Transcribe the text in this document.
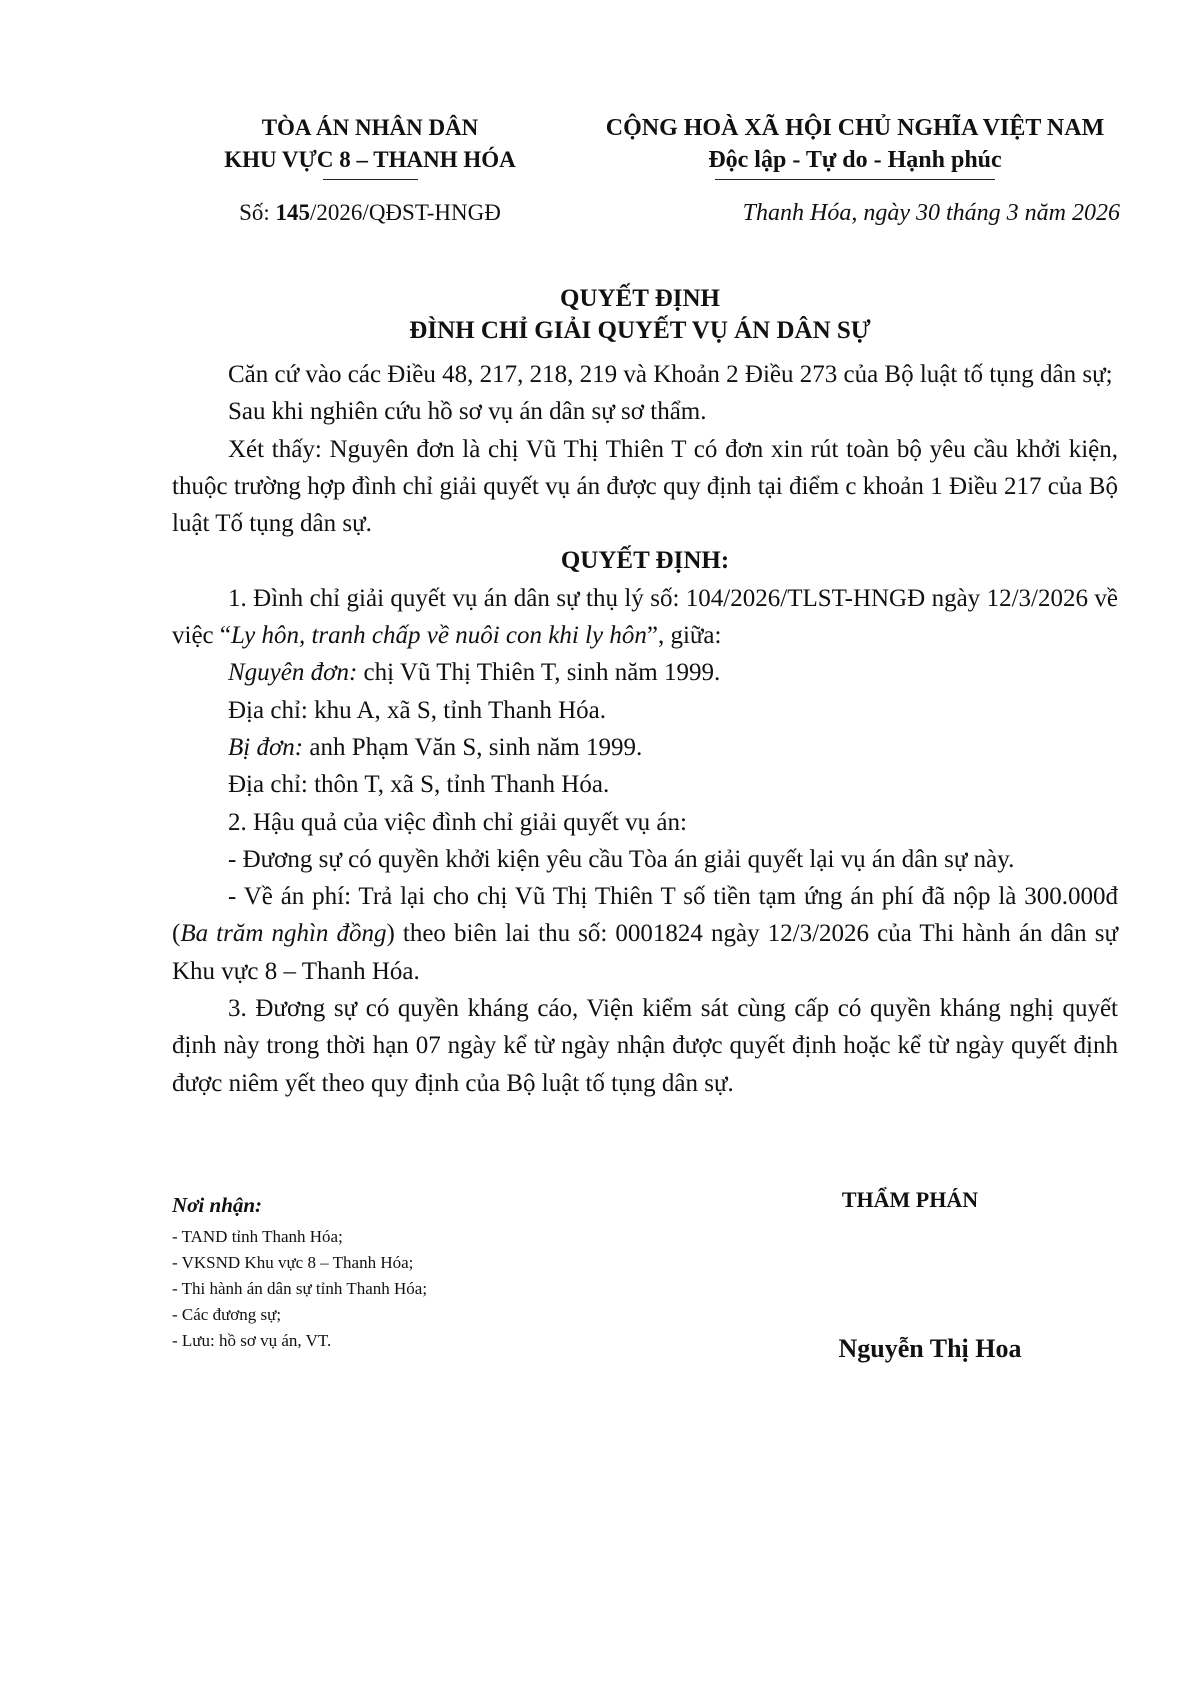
TÒA ÁN NHÂN DÂN
KHU VỰC 8 – THANH HÓA
CỘNG HOÀ XÃ HỘI CHỦ NGHĨA VIỆT NAM
Độc lập - Tự do - Hạnh phúc
Số: 145/2026/QĐST-HNGĐ	Thanh Hóa, ngày 30 tháng 3 năm 2026
QUYẾT ĐỊNH
ĐÌNH CHỈ GIẢI QUYẾT VỤ ÁN DÂN SỰ

Căn cứ vào các Điều 48, 217, 218, 219 và Khoản 2 Điều 273 của Bộ luật tố tụng dân sự;

Sau khi nghiên cứu hồ sơ vụ án dân sự sơ thẩm.

Xét thấy: Nguyên đơn là chị Vũ Thị Thiên T có đơn xin rút toàn bộ yêu cầu khởi kiện, thuộc trường hợp đình chỉ giải quyết vụ án được quy định tại điểm c khoản 1 Điều 217 của Bộ luật Tố tụng dân sự.

QUYẾT ĐỊNH:

1. Đình chỉ giải quyết vụ án dân sự thụ lý số: 104/2026/TLST-HNGĐ ngày 12/3/2026 về việc “Ly hôn, tranh chấp về nuôi con khi ly hôn”, giữa:

Nguyên đơn: chị Vũ Thị Thiên T, sinh năm 1999.

Địa chỉ: khu A, xã S, tỉnh Thanh Hóa.

Bị đơn: anh Phạm Văn S, sinh năm 1999.

Địa chỉ: thôn T, xã S, tỉnh Thanh Hóa.

2. Hậu quả của việc đình chỉ giải quyết vụ án:

- Đương sự có quyền khởi kiện yêu cầu Tòa án giải quyết lại vụ án dân sự này.

- Về án phí: Trả lại cho chị Vũ Thị Thiên T số tiền tạm ứng án phí đã nộp là 300.000đ (Ba trăm nghìn đồng) theo biên lai thu số: 0001824 ngày 12/3/2026 của Thi hành án dân sự Khu vực 8 – Thanh Hóa.

3. Đương sự có quyền kháng cáo, Viện kiểm sát cùng cấp có quyền kháng nghị quyết định này trong thời hạn 07 ngày kể từ ngày nhận được quyết định hoặc kể từ ngày quyết định được niêm yết theo quy định của Bộ luật tố tụng dân sự.

Nơi nhận:
- TAND tỉnh Thanh Hóa;
- VKSND Khu vực 8 – Thanh Hóa;
- Thi hành án dân sự tỉnh Thanh Hóa;
- Các đương sự;
- Lưu: hồ sơ vụ án, VT.
THẨM PHÁN
Nguyễn Thị Hoa
